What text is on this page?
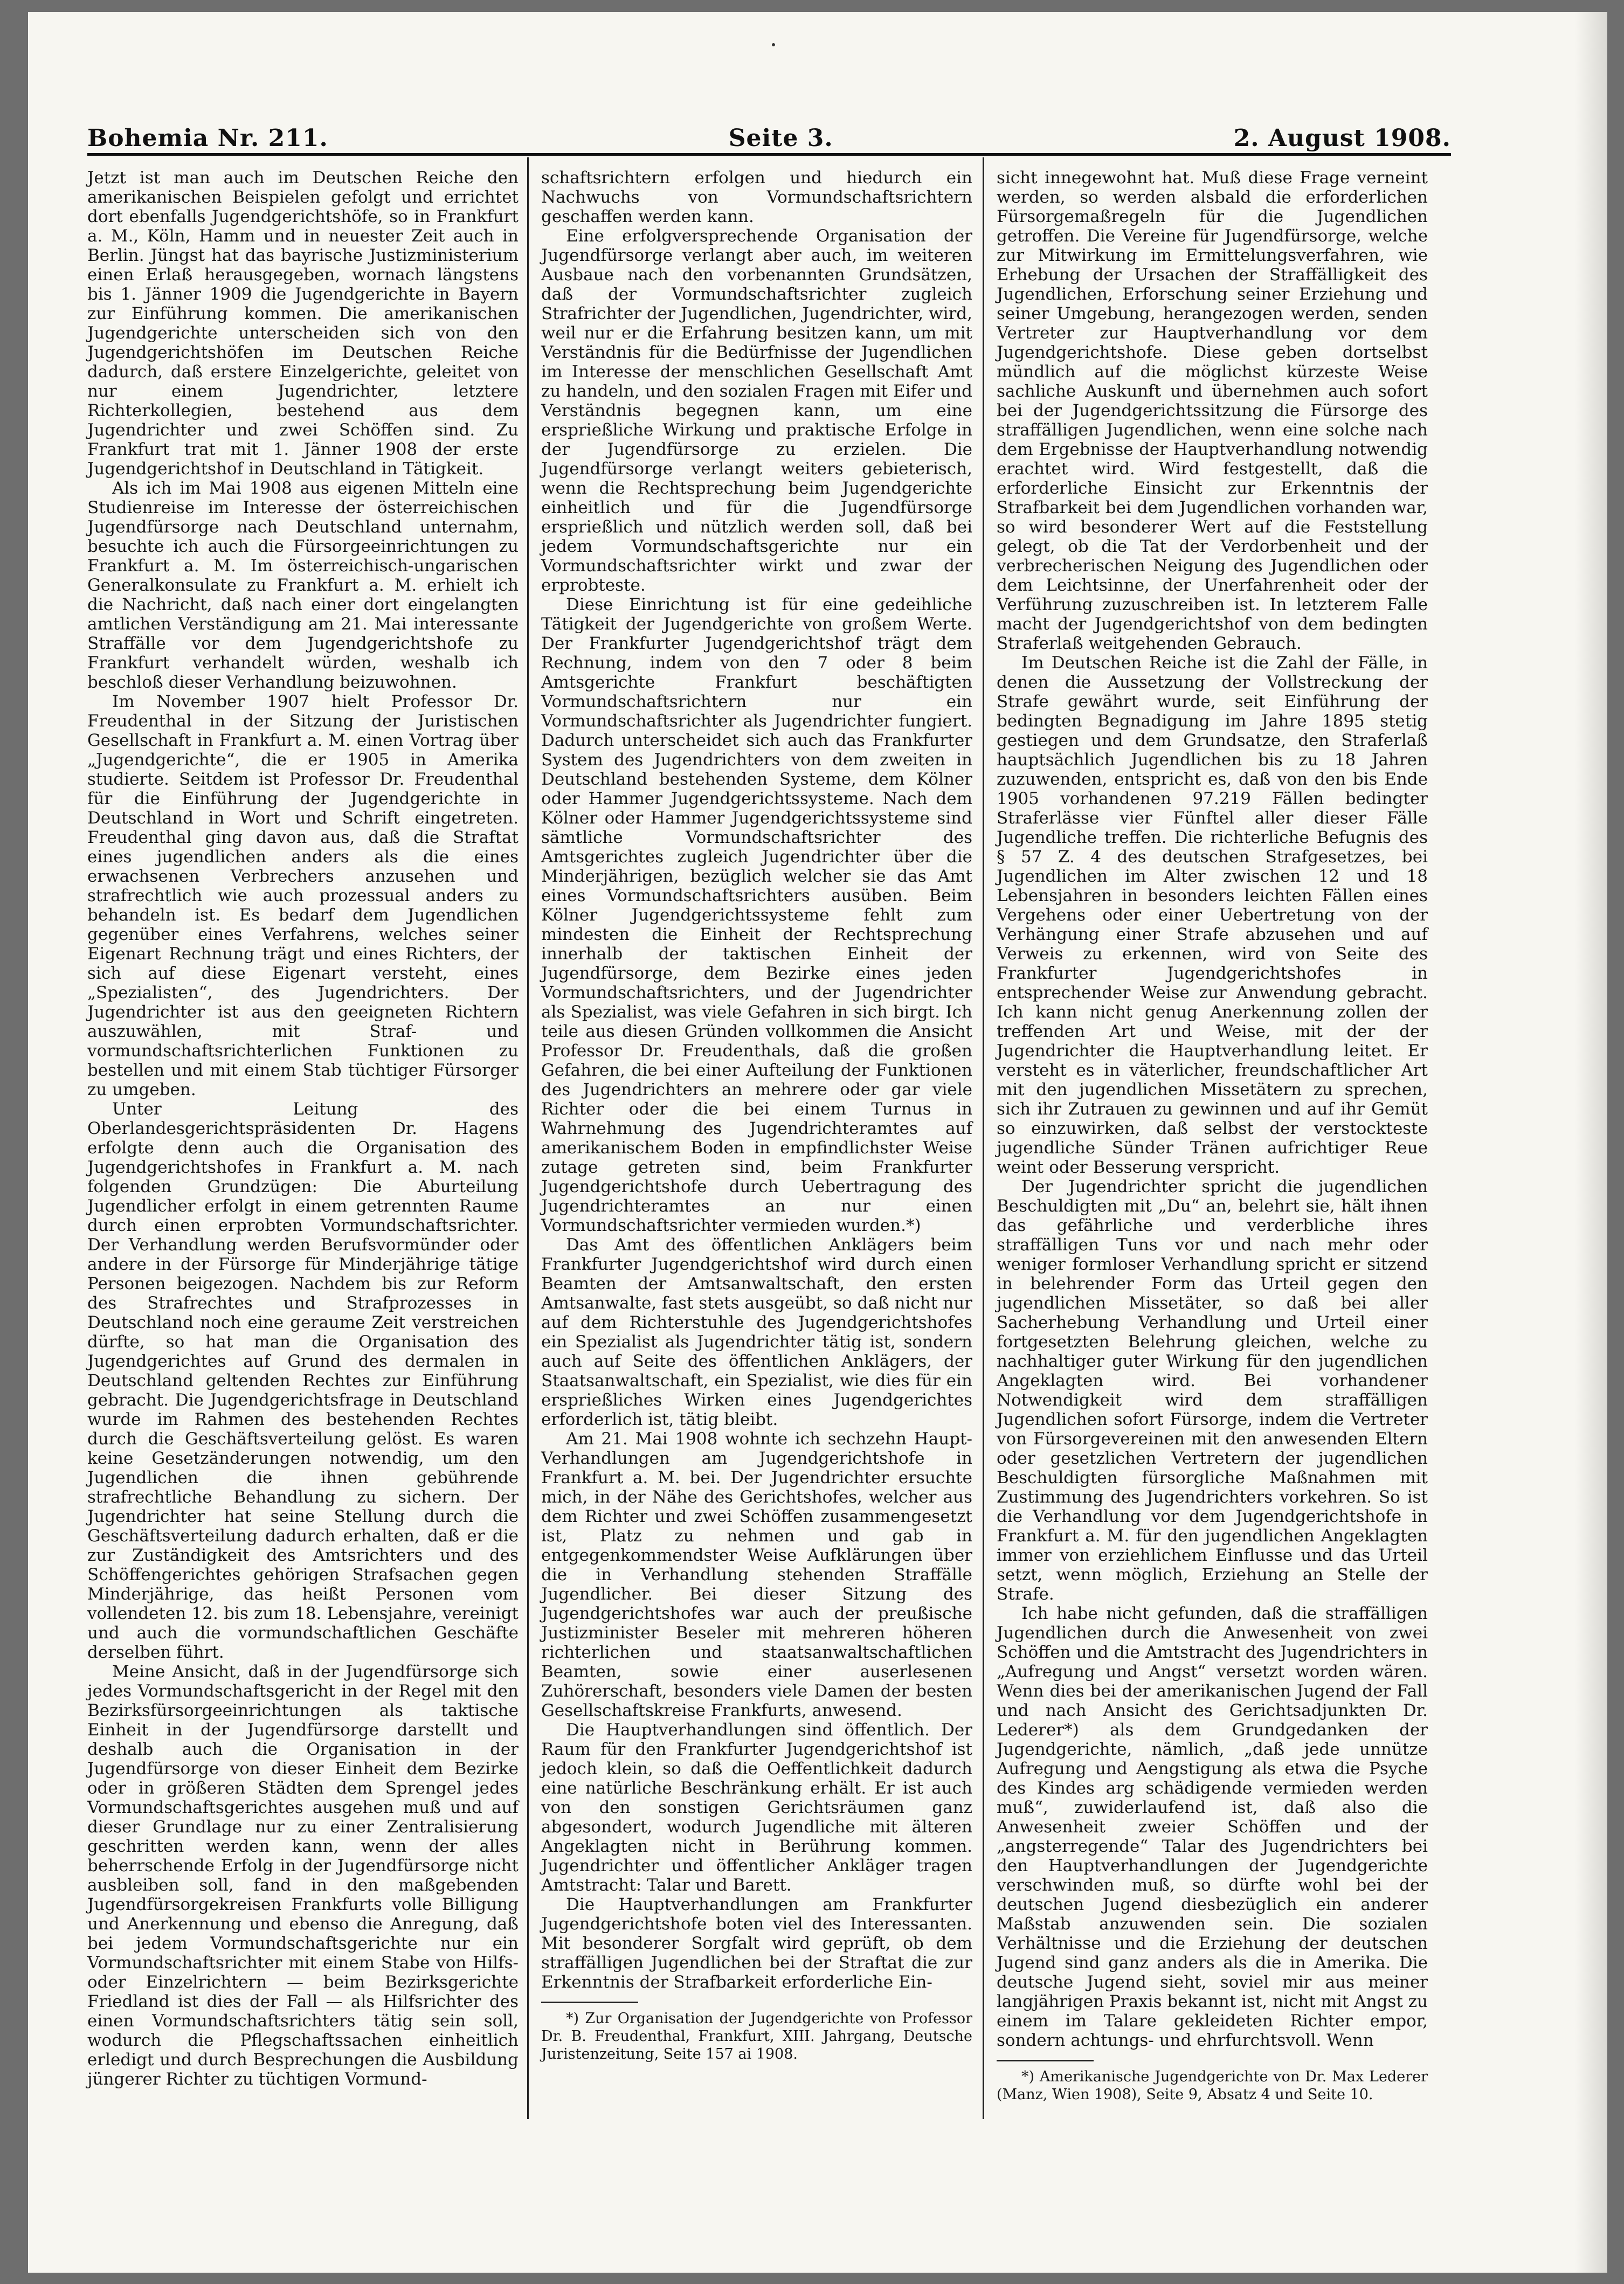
Bohemia Nr. 211.	Seite 3.	2. August 1908.

Jetzt ist man auch im Deutschen Reiche den amerikanischen Beispielen gefolgt und errichtet dort ebenfalls Jugendgerichtshöfe, so in Frankfurt a. M., Köln, Hamm und in neuester Zeit auch in Berlin. Jüngst hat das bayrische Justizministerium einen Erlaß herausgegeben, wornach längstens bis 1. Jänner 1909 die Jugendgerichte in Bayern zur Einführung kommen. Die amerikanischen Jugendgerichte unterscheiden sich von den Jugendgerichtshöfen im Deutschen Reiche dadurch, daß erstere Einzelgerichte, geleitet von nur einem Jugendrichter, letztere Richterkollegien, bestehend aus dem Jugendrichter und zwei Schöffen sind. Zu Frankfurt trat mit 1. Jänner 1908 der erste Jugendgerichtshof in Deutschland in Tätigkeit.

Als ich im Mai 1908 aus eigenen Mitteln eine Studienreise im Interesse der österreichischen Jugendfürsorge nach Deutschland unternahm, besuchte ich auch die Fürsorgeeinrichtungen zu Frankfurt a. M. Im österreichisch-ungarischen Generalkonsulate zu Frankfurt a. M. erhielt ich die Nachricht, daß nach einer dort eingelangten amtlichen Verständigung am 21. Mai interessante Straffälle vor dem Jugendgerichtshofe zu Frankfurt verhandelt würden, weshalb ich beschloß dieser Verhandlung beizuwohnen.

Im November 1907 hielt Professor Dr. Freudenthal in der Sitzung der Juristischen Gesellschaft in Frankfurt a. M. einen Vortrag über „Jugendgerichte“, die er 1905 in Amerika studierte. Seitdem ist Professor Dr. Freudenthal für die Einführung der Jugendgerichte in Deutschland in Wort und Schrift eingetreten. Freudenthal ging davon aus, daß die Straftat eines jugendlichen anders als die eines erwachsenen Verbrechers anzusehen und strafrechtlich wie auch prozessual anders zu behandeln ist. Es bedarf dem Jugendlichen gegenüber eines Verfahrens, welches seiner Eigenart Rechnung trägt und eines Richters, der sich auf diese Eigenart versteht, eines „Spezialisten“, des Jugendrichters. Der Jugendrichter ist aus den geeigneten Richtern auszuwählen, mit Straf- und vormundschaftsrichterlichen Funktionen zu bestellen und mit einem Stab tüchtiger Fürsorger zu umgeben.

Unter Leitung des Oberlandesgerichtspräsidenten Dr. Hagens erfolgte denn auch die Organisation des Jugendgerichtshofes in Frankfurt a. M. nach folgenden Grundzügen: Die Aburteilung Jugendlicher erfolgt in einem getrennten Raume durch einen erprobten Vormundschaftsrichter. Der Verhandlung werden Berufsvormünder oder andere in der Fürsorge für Minderjährige tätige Personen beigezogen. Nachdem bis zur Reform des Strafrechtes und Strafprozesses in Deutschland noch eine geraume Zeit verstreichen dürfte, so hat man die Organisation des Jugendgerichtes auf Grund des dermalen in Deutschland geltenden Rechtes zur Einführung gebracht. Die Jugendgerichtsfrage in Deutschland wurde im Rahmen des bestehenden Rechtes durch die Geschäftsverteilung gelöst. Es waren keine Gesetzänderungen notwendig, um den Jugendlichen die ihnen gebührende strafrechtliche Behandlung zu sichern. Der Jugendrichter hat seine Stellung durch die Geschäftsverteilung dadurch erhalten, daß er die zur Zuständigkeit des Amtsrichters und des Schöffengerichtes gehörigen Strafsachen gegen Minderjährige, das heißt Personen vom vollendeten 12. bis zum 18. Lebensjahre, vereinigt und auch die vormundschaftlichen Geschäfte derselben führt.

Meine Ansicht, daß in der Jugendfürsorge sich jedes Vormundschaftsgericht in der Regel mit den Bezirksfürsorgeeinrichtungen als taktische Einheit in der Jugendfürsorge darstellt und deshalb auch die Organisation in der Jugendfürsorge von dieser Einheit dem Bezirke oder in größeren Städten dem Sprengel jedes Vormundschaftsgerichtes ausgehen muß und auf dieser Grundlage nur zu einer Zentralisierung geschritten werden kann, wenn der alles beherrschende Erfolg in der Jugendfürsorge nicht ausbleiben soll, fand in den maßgebenden Jugendfürsorgekreisen Frankfurts volle Billigung und Anerkennung und ebenso die Anregung, daß bei jedem Vormundschaftsgerichte nur ein Vormundschaftsrichter mit einem Stabe von Hilfs- oder Einzelrichtern — beim Bezirksgerichte Friedland ist dies der Fall — als Hilfsrichter des einen Vormundschaftsrichters tätig sein soll, wodurch die Pflegschaftssachen einheitlich erledigt und durch Besprechungen die Ausbildung jüngerer Richter zu tüchtigen Vormund-

schaftsrichtern erfolgen und hiedurch ein Nachwuchs von Vormundschaftsrichtern geschaffen werden kann.

Eine erfolgversprechende Organisation der Jugendfürsorge verlangt aber auch, im weiteren Ausbaue nach den vorbenannten Grundsätzen, daß der Vormundschaftsrichter zugleich Strafrichter der Jugendlichen, Jugendrichter, wird, weil nur er die Erfahrung besitzen kann, um mit Verständnis für die Bedürfnisse der Jugendlichen im Interesse der menschlichen Gesellschaft Amt zu handeln, und den sozialen Fragen mit Eifer und Verständnis begegnen kann, um eine ersprießliche Wirkung und praktische Erfolge in der Jugendfürsorge zu erzielen. Die Jugendfürsorge verlangt weiters gebieterisch, wenn die Rechtsprechung beim Jugendgerichte einheitlich und für die Jugendfürsorge ersprießlich und nützlich werden soll, daß bei jedem Vormundschaftsgerichte nur ein Vormundschaftsrichter wirkt und zwar der erprobteste.

Diese Einrichtung ist für eine gedeihliche Tätigkeit der Jugendgerichte von großem Werte. Der Frankfurter Jugendgerichtshof trägt dem Rechnung, indem von den 7 oder 8 beim Amtsgerichte Frankfurt beschäftigten Vormundschaftsrichtern nur ein Vormundschaftsrichter als Jugendrichter fungiert. Dadurch unterscheidet sich auch das Frankfurter System des Jugendrichters von dem zweiten in Deutschland bestehenden Systeme, dem Kölner oder Hammer Jugendgerichtssysteme. Nach dem Kölner oder Hammer Jugendgerichtssysteme sind sämtliche Vormundschaftsrichter des Amtsgerichtes zugleich Jugendrichter über die Minderjährigen, bezüglich welcher sie das Amt eines Vormundschaftsrichters ausüben. Beim Kölner Jugendgerichtssysteme fehlt zum mindesten die Einheit der Rechtsprechung innerhalb der taktischen Einheit der Jugendfürsorge, dem Bezirke eines jeden Vormundschaftsrichters, und der Jugendrichter als Spezialist, was viele Gefahren in sich birgt. Ich teile aus diesen Gründen vollkommen die Ansicht Professor Dr. Freudenthals, daß die großen Gefahren, die bei einer Aufteilung der Funktionen des Jugendrichters an mehrere oder gar viele Richter oder die bei einem Turnus in Wahrnehmung des Jugendrichteramtes auf amerikanischem Boden in empfindlichster Weise zutage getreten sind, beim Frankfurter Jugendgerichtshofe durch Uebertragung des Jugendrichteramtes an nur einen Vormundschaftsrichter vermieden wurden.*)

Das Amt des öffentlichen Anklägers beim Frankfurter Jugendgerichtshof wird durch einen Beamten der Amtsanwaltschaft, den ersten Amtsanwalte, fast stets ausgeübt, so daß nicht nur auf dem Richterstuhle des Jugendgerichtshofes ein Spezialist als Jugendrichter tätig ist, sondern auch auf Seite des öffentlichen Anklägers, der Staatsanwaltschaft, ein Spezialist, wie dies für ein ersprießliches Wirken eines Jugendgerichtes erforderlich ist, tätig bleibt.

Am 21. Mai 1908 wohnte ich sechzehn Haupt-Verhandlungen am Jugendgerichtshofe in Frankfurt a. M. bei. Der Jugendrichter ersuchte mich, in der Nähe des Gerichtshofes, welcher aus dem Richter und zwei Schöffen zusammengesetzt ist, Platz zu nehmen und gab in entgegenkommendster Weise Aufklärungen über die in Verhandlung stehenden Straffälle Jugendlicher. Bei dieser Sitzung des Jugendgerichtshofes war auch der preußische Justizminister Beseler mit mehreren höheren richterlichen und staatsanwaltschaftlichen Beamten, sowie einer auserlesenen Zuhörerschaft, besonders viele Damen der besten Gesellschaftskreise Frankfurts, anwesend.

Die Hauptverhandlungen sind öffentlich. Der Raum für den Frankfurter Jugendgerichtshof ist jedoch klein, so daß die Oeffentlichkeit dadurch eine natürliche Beschränkung erhält. Er ist auch von den sonstigen Gerichtsräumen ganz abgesondert, wodurch Jugendliche mit älteren Angeklagten nicht in Berührung kommen. Jugendrichter und öffentlicher Ankläger tragen Amtstracht: Talar und Barett.

Die Hauptverhandlungen am Frankfurter Jugendgerichtshofe boten viel des Interessanten. Mit besonderer Sorgfalt wird geprüft, ob dem straffälligen Jugendlichen bei der Straftat die zur Erkenntnis der Strafbarkeit erforderliche Ein-

*) Zur Organisation der Jugendgerichte von Professor Dr. B. Freudenthal, Frankfurt, XIII. Jahrgang, Deutsche Juristenzeitung, Seite 157 ai 1908.

sicht innegewohnt hat. Muß diese Frage verneint werden, so werden alsbald die erforderlichen Fürsorgemaßregeln für die Jugendlichen getroffen. Die Vereine für Jugendfürsorge, welche zur Mitwirkung im Ermittelungsverfahren, wie Erhebung der Ursachen der Straffälligkeit des Jugendlichen, Erforschung seiner Erziehung und seiner Umgebung, herangezogen werden, senden Vertreter zur Hauptverhandlung vor dem Jugendgerichtshofe. Diese geben dortselbst mündlich auf die möglichst kürzeste Weise sachliche Auskunft und übernehmen auch sofort bei der Jugendgerichtssitzung die Fürsorge des straffälligen Jugendlichen, wenn eine solche nach dem Ergebnisse der Hauptverhandlung notwendig erachtet wird. Wird festgestellt, daß die erforderliche Einsicht zur Erkenntnis der Strafbarkeit bei dem Jugendlichen vorhanden war, so wird besonderer Wert auf die Feststellung gelegt, ob die Tat der Verdorbenheit und der verbrecherischen Neigung des Jugendlichen oder dem Leichtsinne, der Unerfahrenheit oder der Verführung zuzuschreiben ist. In letzterem Falle macht der Jugendgerichtshof von dem bedingten Straferlaß weitgehenden Gebrauch.

Im Deutschen Reiche ist die Zahl der Fälle, in denen die Aussetzung der Vollstreckung der Strafe gewährt wurde, seit Einführung der bedingten Begnadigung im Jahre 1895 stetig gestiegen und dem Grundsatze, den Straferlaß hauptsächlich Jugendlichen bis zu 18 Jahren zuzuwenden, entspricht es, daß von den bis Ende 1905 vorhandenen 97.219 Fällen bedingter Straferlässe vier Fünftel aller dieser Fälle Jugendliche treffen. Die richterliche Befugnis des § 57 Z. 4 des deutschen Strafgesetzes, bei Jugendlichen im Alter zwischen 12 und 18 Lebensjahren in besonders leichten Fällen eines Vergehens oder einer Uebertretung von der Verhängung einer Strafe abzusehen und auf Verweis zu erkennen, wird von Seite des Frankfurter Jugendgerichtshofes in entsprechender Weise zur Anwendung gebracht. Ich kann nicht genug Anerkennung zollen der treffenden Art und Weise, mit der der Jugendrichter die Hauptverhandlung leitet. Er versteht es in väterlicher, freundschaftlicher Art mit den jugendlichen Missetätern zu sprechen, sich ihr Zutrauen zu gewinnen und auf ihr Gemüt so einzuwirken, daß selbst der verstockteste jugendliche Sünder Tränen aufrichtiger Reue weint oder Besserung verspricht.

Der Jugendrichter spricht die jugendlichen Beschuldigten mit „Du“ an, belehrt sie, hält ihnen das gefährliche und verderbliche ihres straffälligen Tuns vor und nach mehr oder weniger formloser Verhandlung spricht er sitzend in belehrender Form das Urteil gegen den jugendlichen Missetäter, so daß bei aller Sacherhebung Verhandlung und Urteil einer fortgesetzten Belehrung gleichen, welche zu nachhaltiger guter Wirkung für den jugendlichen Angeklagten wird. Bei vorhandener Notwendigkeit wird dem straffälligen Jugendlichen sofort Fürsorge, indem die Vertreter von Fürsorgevereinen mit den anwesenden Eltern oder gesetzlichen Vertretern der jugendlichen Beschuldigten fürsorgliche Maßnahmen mit Zustimmung des Jugendrichters vorkehren. So ist die Verhandlung vor dem Jugendgerichtshofe in Frankfurt a. M. für den jugendlichen Angeklagten immer von erziehlichem Einflusse und das Urteil setzt, wenn möglich, Erziehung an Stelle der Strafe.

Ich habe nicht gefunden, daß die straffälligen Jugendlichen durch die Anwesenheit von zwei Schöffen und die Amtstracht des Jugendrichters in „Aufregung und Angst“ versetzt worden wären. Wenn dies bei der amerikanischen Jugend der Fall und nach Ansicht des Gerichtsadjunkten Dr. Lederer*) als dem Grundgedanken der Jugendgerichte, nämlich, „daß jede unnütze Aufregung und Aengstigung als etwa die Psyche des Kindes arg schädigende vermieden werden muß“, zuwiderlaufend ist, daß also die Anwesenheit zweier Schöffen und der „angsterregende“ Talar des Jugendrichters bei den Hauptverhandlungen der Jugendgerichte verschwinden muß, so dürfte wohl bei der deutschen Jugend diesbezüglich ein anderer Maßstab anzuwenden sein. Die sozialen Verhältnisse und die Erziehung der deutschen Jugend sind ganz anders als die in Amerika. Die deutsche Jugend sieht, soviel mir aus meiner langjährigen Praxis bekannt ist, nicht mit Angst zu einem im Talare gekleideten Richter empor, sondern achtungs- und ehrfurchtsvoll. Wenn

*) Amerikanische Jugendgerichte von Dr. Max Lederer (Manz, Wien 1908), Seite 9, Absatz 4 und Seite 10.
